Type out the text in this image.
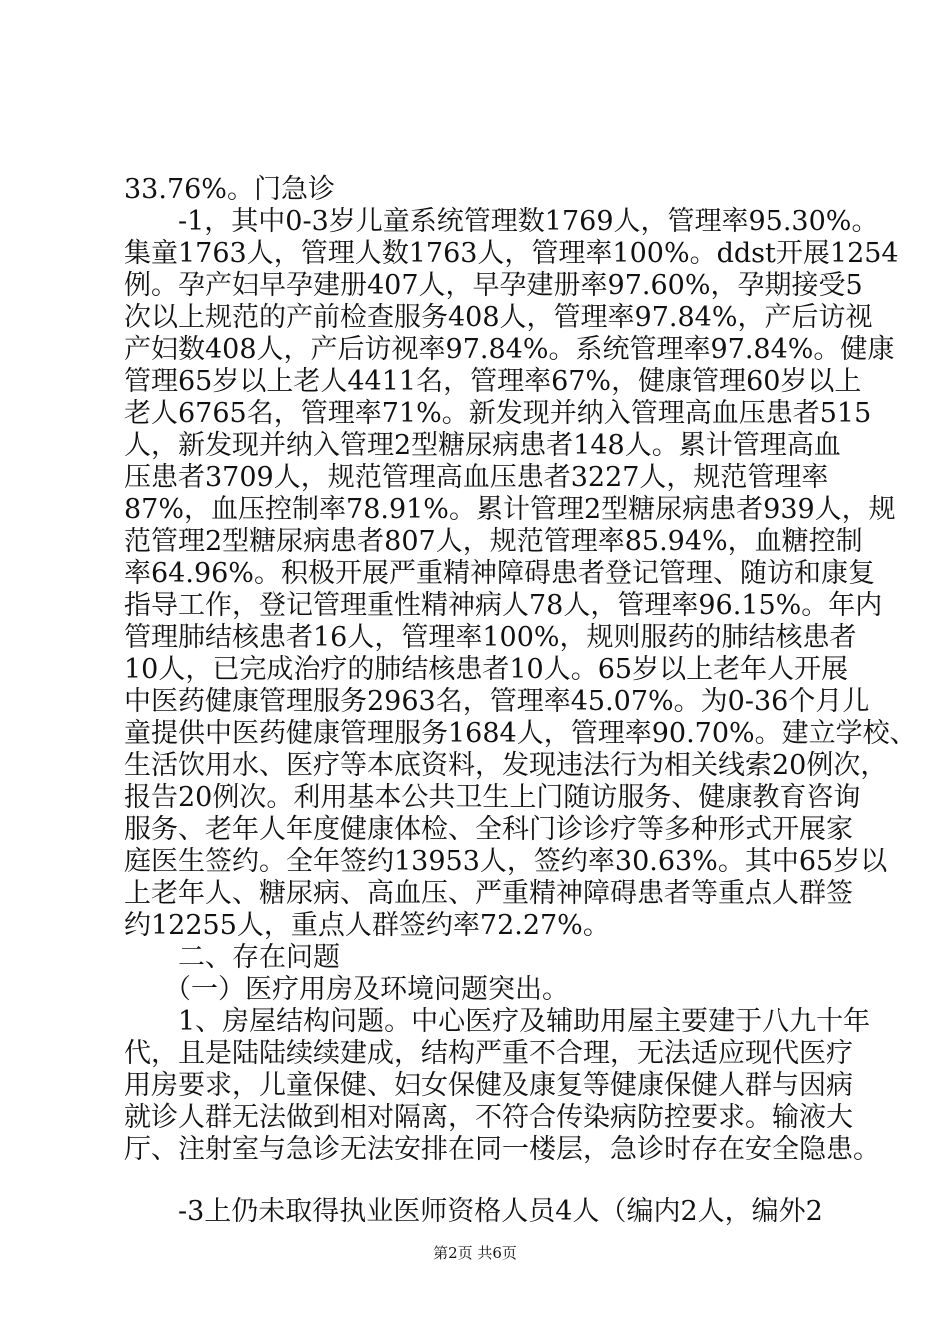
33.76%。门急诊
-1，其中0-3岁儿童系统管理数1769人，管理率95.30%。
集童1763人，管理人数1763人，管理率100%。ddst开展1254
例。孕产妇早孕建册407人，早孕建册率97.60%，孕期接受5
次以上规范的产前检查服务408人，管理率97.84%，产后访视
产妇数408人，产后访视率97.84%。系统管理率97.84%。健康
管理65岁以上老人4411名，管理率67%，健康管理60岁以上
老人6765名，管理率71%。新发现并纳入管理高血压患者515
人，新发现并纳入管理2型糖尿病患者148人。累计管理高血
压患者3709人，规范管理高血压患者3227人，规范管理率
87%，血压控制率78.91%。累计管理2型糖尿病患者939人，规
范管理2型糖尿病患者807人，规范管理率85.94%，血糖控制
率64.96%。积极开展严重精神障碍患者登记管理、随访和康复
指导工作，登记管理重性精神病人78人，管理率96.15%。年内
管理肺结核患者16人，管理率100%，规则服药的肺结核患者
10人，已完成治疗的肺结核患者10人。65岁以上老年人开展
中医药健康管理服务2963名，管理率45.07%。为0-36个月儿
童提供中医药健康管理服务1684人，管理率90.70%。建立学校、
生活饮用水、医疗等本底资料，发现违法行为相关线索20例次，
报告20例次。利用基本公共卫生上门随访服务、健康教育咨询
服务、老年人年度健康体检、全科门诊诊疗等多种形式开展家
庭医生签约。全年签约13953人，签约率30.63%。其中65岁以
上老年人、糖尿病、高血压、严重精神障碍患者等重点人群签
约12255人，重点人群签约率72.27%。
二、存在问题
（一）医疗用房及环境问题突出。
1、房屋结构问题。中心医疗及辅助用屋主要建于八九十年
代，且是陆陆续续建成，结构严重不合理，无法适应现代医疗
用房要求，儿童保健、妇女保健及康复等健康保健人群与因病
就诊人群无法做到相对隔离，不符合传染病防控要求。输液大
厅、注射室与急诊无法安排在同一楼层，急诊时存在安全隐患。
-3上仍未取得执业医师资格人员4人（编内2人，编外2
第2页 共6页
